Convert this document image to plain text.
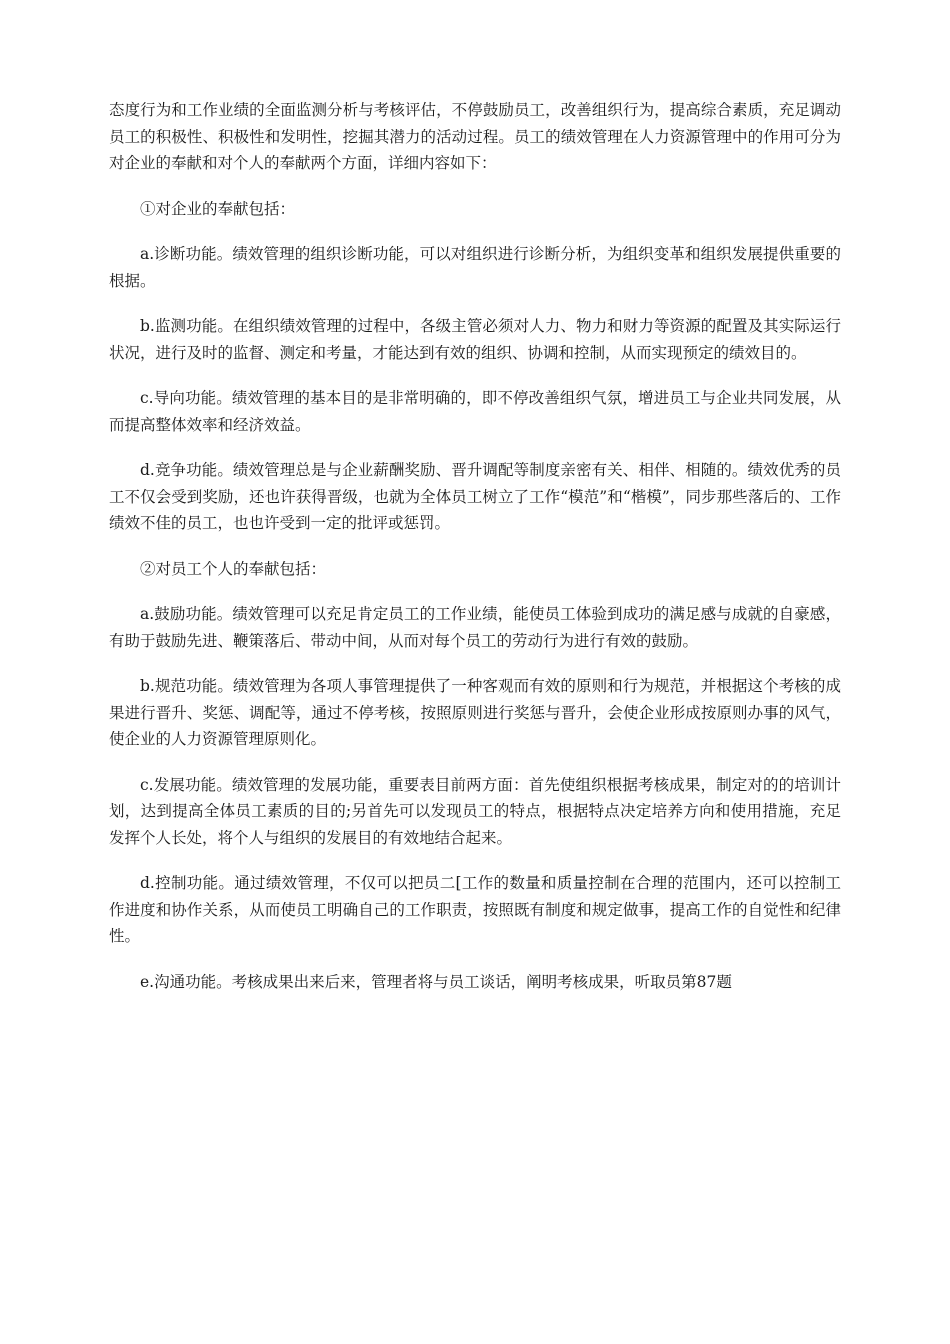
态度行为和工作业绩的全面监测分析与考核评估，不停鼓励员工，改善组织行为，提高综合素质，充足调动员工的积极性、积极性和发明性，挖掘其潜力的活动过程。员工的绩效管理在人力资源管理中的作用可分为对企业的奉献和对个人的奉献两个方面，详细内容如下：

①对企业的奉献包括：

a.诊断功能。绩效管理的组织诊断功能，可以对组织进行诊断分析，为组织变革和组织发展提供重要的根据。

b.监测功能。在组织绩效管理的过程中，各级主管必须对人力、物力和财力等资源的配置及其实际运行状况，进行及时的监督、测定和考量，才能达到有效的组织、协调和控制，从而实现预定的绩效目的。

c.导向功能。绩效管理的基本目的是非常明确的，即不停改善组织气氛，增进员工与企业共同发展，从而提高整体效率和经济效益。

d.竞争功能。绩效管理总是与企业薪酬奖励、晋升调配等制度亲密有关、相伴、相随的。绩效优秀的员工不仅会受到奖励，还也许获得晋级，也就为全体员工树立了工作“模范”和“楷模”，同步那些落后的、工作绩效不佳的员工，也也许受到一定的批评或惩罚。

②对员工个人的奉献包括：

a.鼓励功能。绩效管理可以充足肯定员工的工作业绩，能使员工体验到成功的满足感与成就的自豪感，有助于鼓励先进、鞭策落后、带动中间，从而对每个员工的劳动行为进行有效的鼓励。

b.规范功能。绩效管理为各项人事管理提供了一种客观而有效的原则和行为规范，并根据这个考核的成果进行晋升、奖惩、调配等，通过不停考核，按照原则进行奖惩与晋升，会使企业形成按原则办事的风气，使企业的人力资源管理原则化。

c.发展功能。绩效管理的发展功能，重要表目前两方面：首先使组织根据考核成果，制定对的的培训计划，达到提高全体员工素质的目的;另首先可以发现员工的特点，根据特点决定培养方向和使用措施，充足发挥个人长处，将个人与组织的发展目的有效地结合起来。

d.控制功能。通过绩效管理，不仅可以把员二[工作的数量和质量控制在合理的范围内，还可以控制工作进度和协作关系，从而使员工明确自己的工作职责，按照既有制度和规定做事，提高工作的自觉性和纪律性。

e.沟通功能。考核成果出来后来，管理者将与员工谈话，阐明考核成果，听取员第87题
